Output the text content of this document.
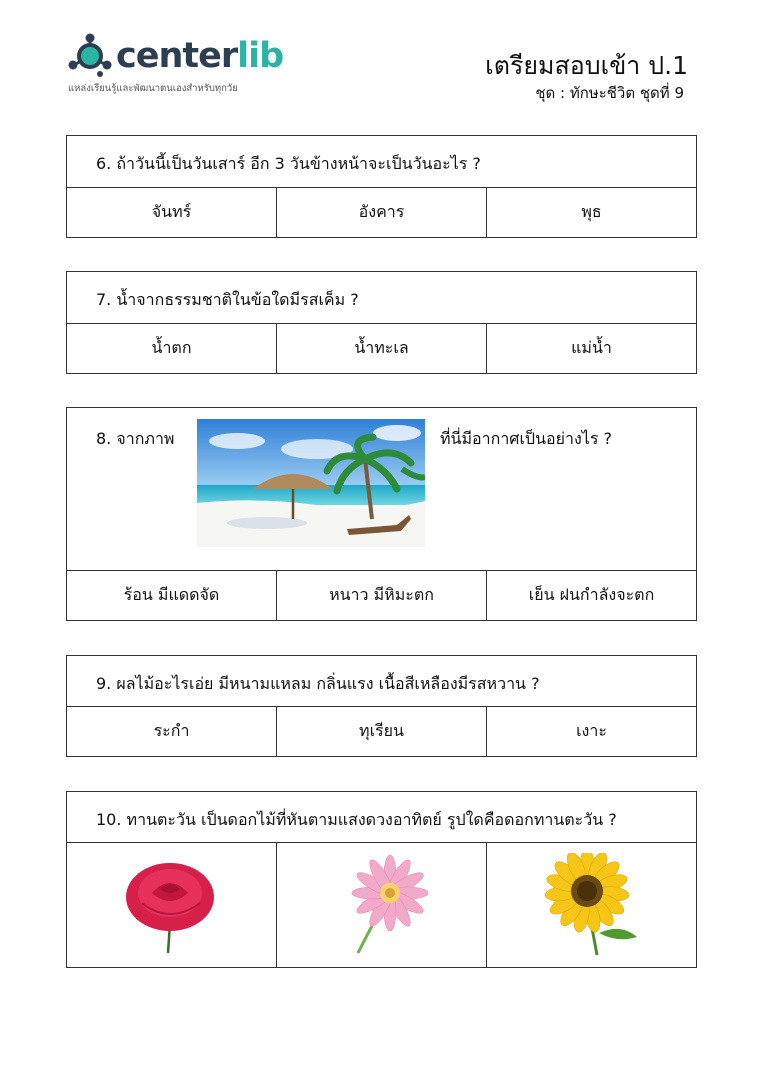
centerlib
แหล่งเรียนรู้และพัฒนาตนเองสำหรับทุกวัย
เตรียมสอบเข้า ป.1
ชุด : ทักษะชีวิต ชุดที่ 9
6. ถ้าวันนี้เป็นวันเสาร์ อีก 3 วันข้างหน้าจะเป็นวันอะไร ?
จันทร์	อังคาร	พุธ
7. น้ำจากธรรมชาติในข้อใดมีรสเค็ม ?
น้ำตก	น้ำทะเล	แม่น้ำ
8. จากภาพ	ที่นี่มีอากาศเป็นอย่างไร ?
ร้อน มีแดดจัด	หนาว มีหิมะตก	เย็น ฝนกำลังจะตก
9. ผลไม้อะไรเอ่ย มีหนามแหลม กลิ่นแรง เนื้อสีเหลืองมีรสหวาน ?
ระกำ	ทุเรียน	เงาะ
10. ทานตะวัน เป็นดอกไม้ที่หันตามแสงดวงอาทิตย์ รูปใดคือดอกทานตะวัน ?
